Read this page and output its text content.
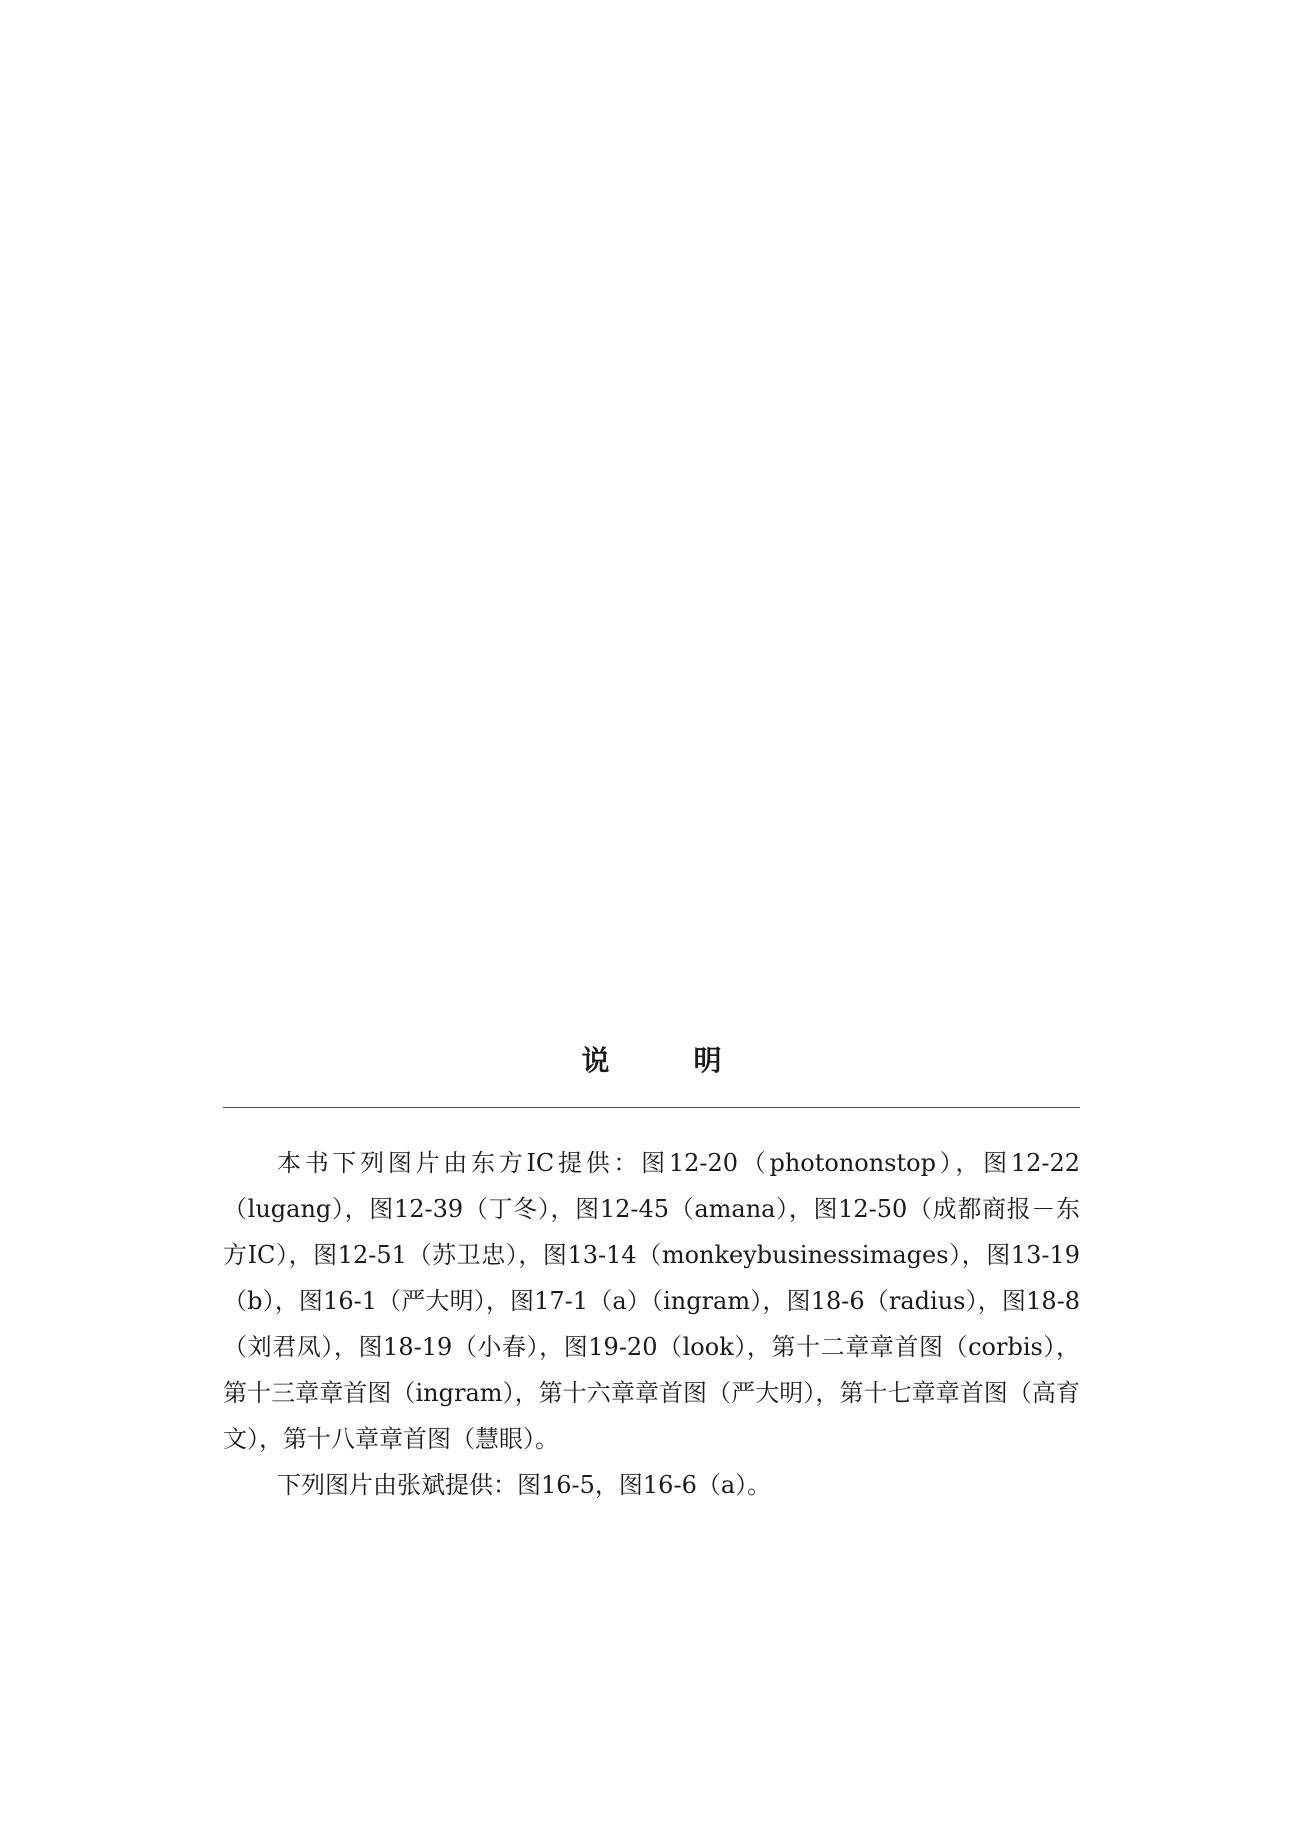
说　明

本书下列图片由东方IC提供：图12-20（photononstop），图12-22（lugang），图12-39（丁冬），图12-45（amana），图12-50（成都商报－东方IC），图12-51（苏卫忠），图13-14（monkeybusinessimages），图13-19（b），图16-1（严大明），图17-1（a）（ingram），图18-6（radius），图18-8（刘君凤），图18-19（小春），图19-20（look），第十二章章首图（corbis），第十三章章首图（ingram），第十六章章首图（严大明），第十七章章首图（高育文），第十八章章首图（慧眼）。

下列图片由张斌提供：图16-5，图16-6（a）。
